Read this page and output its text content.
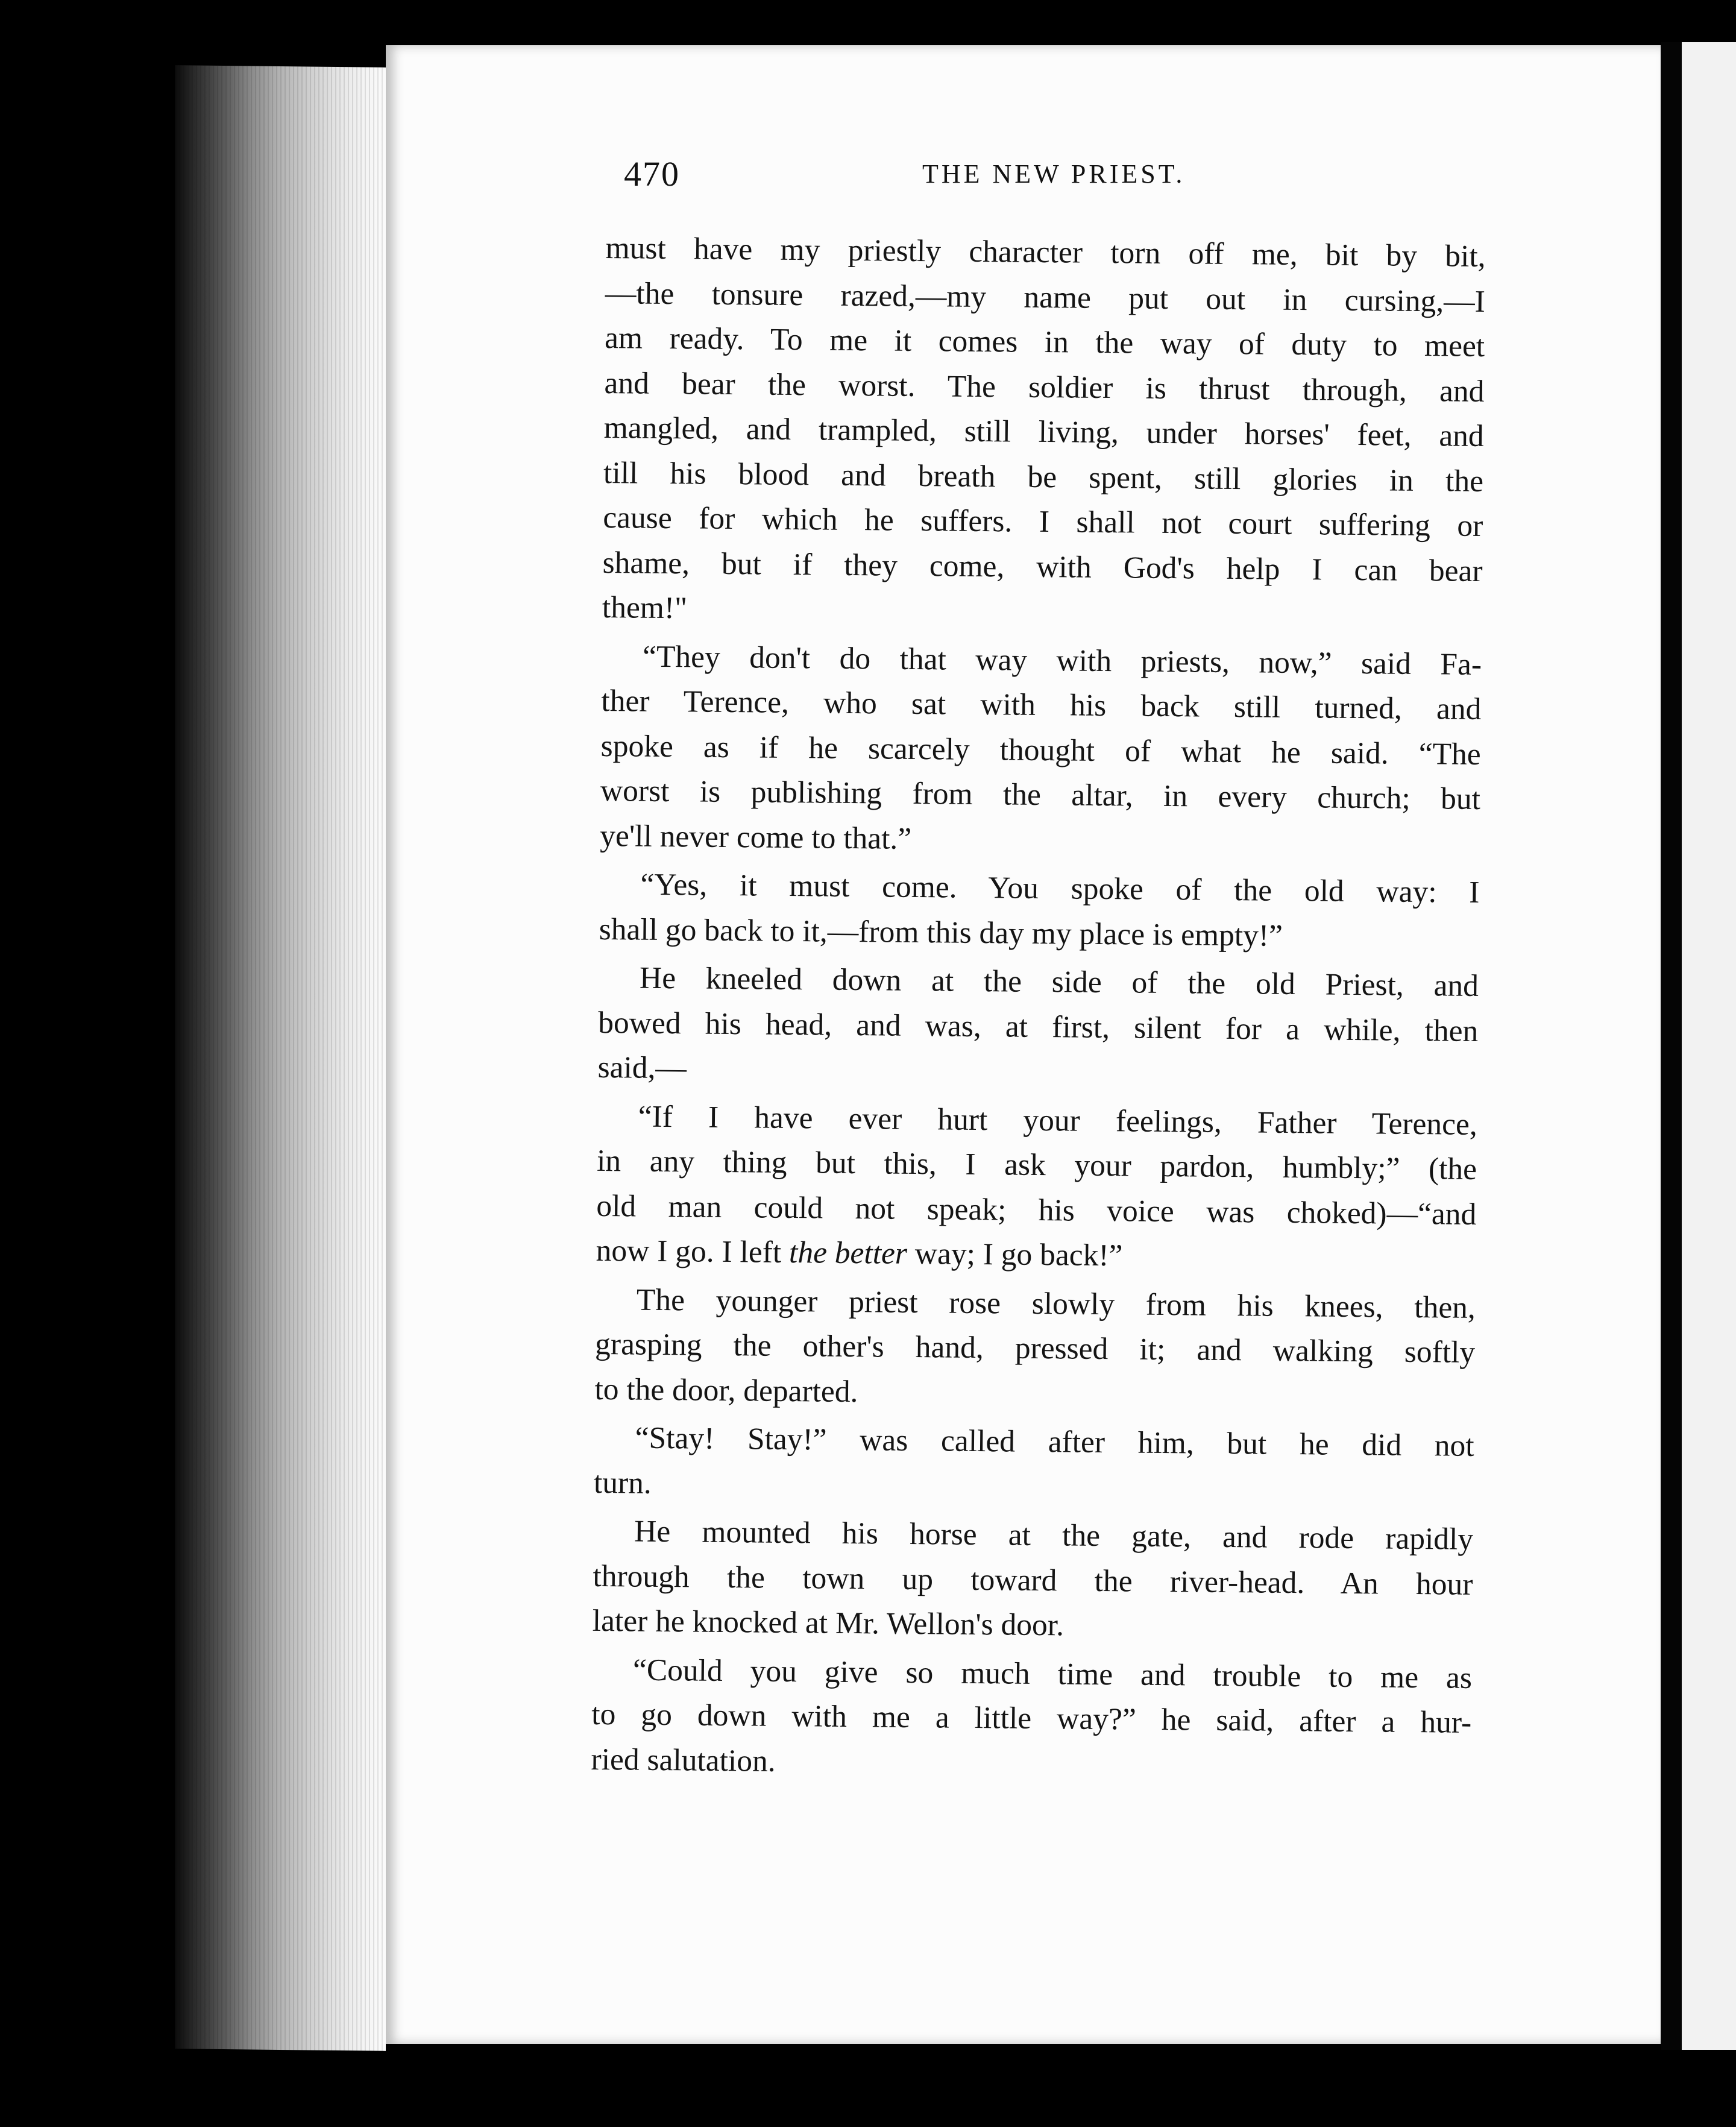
470	THE NEW PRIEST.
must have my priestly character torn off me, bit by bit,
—the tonsure razed,—my name put out in cursing,—I
am ready. To me it comes in the way of duty to meet
and bear the worst. The soldier is thrust through, and
mangled, and trampled, still living, under horses' feet, and
till his blood and breath be spent, still glories in the
cause for which he suffers. I shall not court suffering or
shame, but if they come, with God's help I can bear
them!"
“They don't do that way with priests, now,” said Fa-
ther Terence, who sat with his back still turned, and
spoke as if he scarcely thought of what he said. “The
worst is publishing from the altar, in every church; but
ye'll never come to that.”
“Yes, it must come. You spoke of the old way: I
shall go back to it,—from this day my place is empty!”
He kneeled down at the side of the old Priest, and
bowed his head, and was, at first, silent for a while, then
said,—
“If I have ever hurt your feelings, Father Terence,
in any thing but this, I ask your pardon, humbly;” (the
old man could not speak; his voice was choked)—“and
now I go. I left the better way; I go back!”
The younger priest rose slowly from his knees, then,
grasping the other's hand, pressed it; and walking softly
to the door, departed.
“Stay! Stay!” was called after him, but he did not
turn.
He mounted his horse at the gate, and rode rapidly
through the town up toward the river-head. An hour
later he knocked at Mr. Wellon's door.
“Could you give so much time and trouble to me as
to go down with me a little way?” he said, after a hur-
ried salutation.
